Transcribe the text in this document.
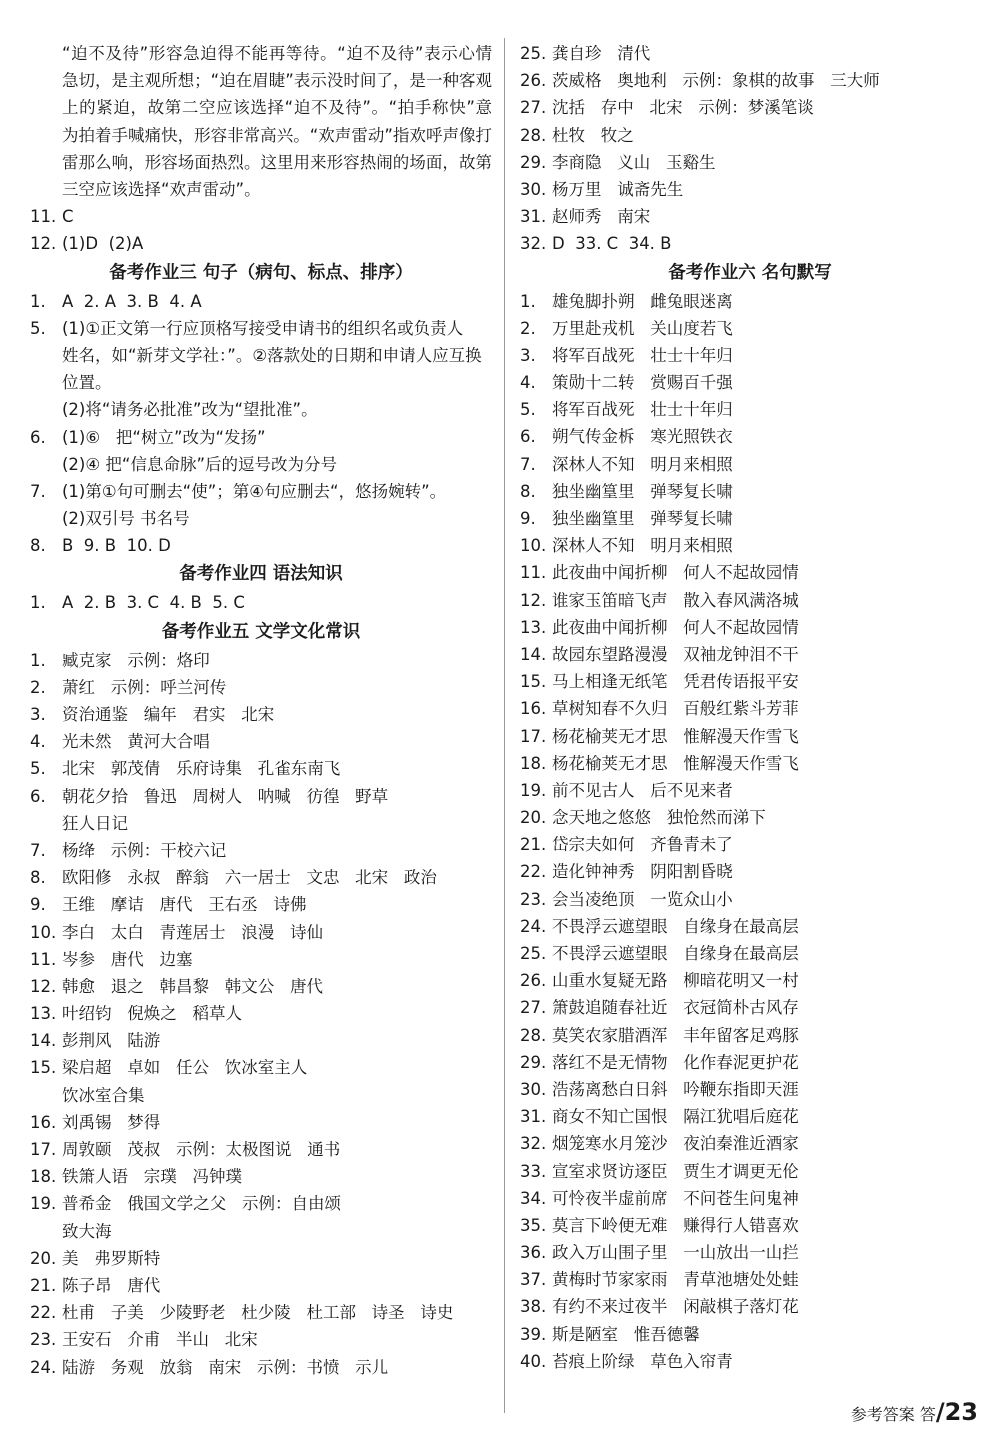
“迫不及待”形容急迫得不能再等待。“迫不及待”表示心情急切，是主观所想；“迫在眉睫”表示没时间了，是一种客观上的紧迫，故第二空应该选择“迫不及待”。“拍手称快”意为拍着手喊痛快，形容非常高兴。“欢声雷动”指欢呼声像打雷那么响，形容场面热烈。这里用来形容热闹的场面，故第三空应该选择“欢声雷动”。
11. C
12. (1)D  (2)A
备考作业三 句子（病句、标点、排序）
1. A  2. A  3. B  4. A
5. (1)①正文第一行应顶格写接受申请书的组织名或负责人
姓名，如“新芽文学社：”。②落款处的日期和申请人应互换
位置。
(2)将“请务必批准”改为“望批准”。
6. (1)⑥   把“树立”改为“发扬”
(2)④ 把“信息命脉”后的逗号改为分号
7. (1)第①句可删去“使”；第④句应删去“，悠扬婉转”。
(2)双引号 书名号
8. B  9. B  10. D
备考作业四 语法知识
1. A  2. B  3. C  4. B  5. C
备考作业五 文学文化常识
1. 臧克家   示例：烙印
2. 萧红   示例：呼兰河传
3. 资治通鉴   编年   君实   北宋
4. 光未然   黄河大合唱
5. 北宋   郭茂倩   乐府诗集   孔雀东南飞
6. 朝花夕拾   鲁迅   周树人   呐喊   彷徨   野草
狂人日记
7. 杨绛   示例：干校六记
8. 欧阳修   永叔   醉翁   六一居士   文忠   北宋   政治
9. 王维   摩诘   唐代   王右丞   诗佛
10. 李白   太白   青莲居士   浪漫   诗仙
11. 岑参   唐代   边塞
12. 韩愈   退之   韩昌黎   韩文公   唐代
13. 叶绍钧   倪焕之   稻草人
14. 彭荆风   陆游
15. 梁启超   卓如   任公   饮冰室主人
饮冰室合集
16. 刘禹锡   梦得
17. 周敦颐   茂叔   示例：太极图说   通书
18. 铁箫人语   宗璞   冯钟璞
19. 普希金   俄国文学之父   示例：自由颂
致大海
20. 美   弗罗斯特
21. 陈子昂   唐代
22. 杜甫   子美   少陵野老   杜少陵   杜工部   诗圣   诗史
23. 王安石   介甫   半山   北宋
24. 陆游   务观   放翁   南宋   示例：书愤   示儿
25. 龚自珍   清代
26. 茨威格   奥地利   示例：象棋的故事   三大师
27. 沈括   存中   北宋   示例：梦溪笔谈
28. 杜牧   牧之
29. 李商隐   义山   玉谿生
30. 杨万里   诚斋先生
31. 赵师秀   南宋
32. D  33. C  34. B
备考作业六 名句默写
1. 雄兔脚扑朔   雌兔眼迷离
2. 万里赴戎机   关山度若飞
3. 将军百战死   壮士十年归
4. 策勋十二转   赏赐百千强
5. 将军百战死   壮士十年归
6. 朔气传金柝   寒光照铁衣
7. 深林人不知   明月来相照
8. 独坐幽篁里   弹琴复长啸
9. 独坐幽篁里   弹琴复长啸
10. 深林人不知   明月来相照
11. 此夜曲中闻折柳   何人不起故园情
12. 谁家玉笛暗飞声   散入春风满洛城
13. 此夜曲中闻折柳   何人不起故园情
14. 故园东望路漫漫   双袖龙钟泪不干
15. 马上相逢无纸笔   凭君传语报平安
16. 草树知春不久归   百般红紫斗芳菲
17. 杨花榆荚无才思   惟解漫天作雪飞
18. 杨花榆荚无才思   惟解漫天作雪飞
19. 前不见古人   后不见来者
20. 念天地之悠悠   独怆然而涕下
21. 岱宗夫如何   齐鲁青未了
22. 造化钟神秀   阴阳割昏晓
23. 会当凌绝顶   一览众山小
24. 不畏浮云遮望眼   自缘身在最高层
25. 不畏浮云遮望眼   自缘身在最高层
26. 山重水复疑无路   柳暗花明又一村
27. 箫鼓追随春社近   衣冠简朴古风存
28. 莫笑农家腊酒浑   丰年留客足鸡豚
29. 落红不是无情物   化作春泥更护花
30. 浩荡离愁白日斜   吟鞭东指即天涯
31. 商女不知亡国恨   隔江犹唱后庭花
32. 烟笼寒水月笼沙   夜泊秦淮近酒家
33. 宣室求贤访逐臣   贾生才调更无伦
34. 可怜夜半虚前席   不问苍生问鬼神
35. 莫言下岭便无难   赚得行人错喜欢
36. 政入万山围子里   一山放出一山拦
37. 黄梅时节家家雨   青草池塘处处蛙
38. 有约不来过夜半   闲敲棋子落灯花
39. 斯是陋室   惟吾德馨
40. 苔痕上阶绿   草色入帘青
参考答案 答/23
